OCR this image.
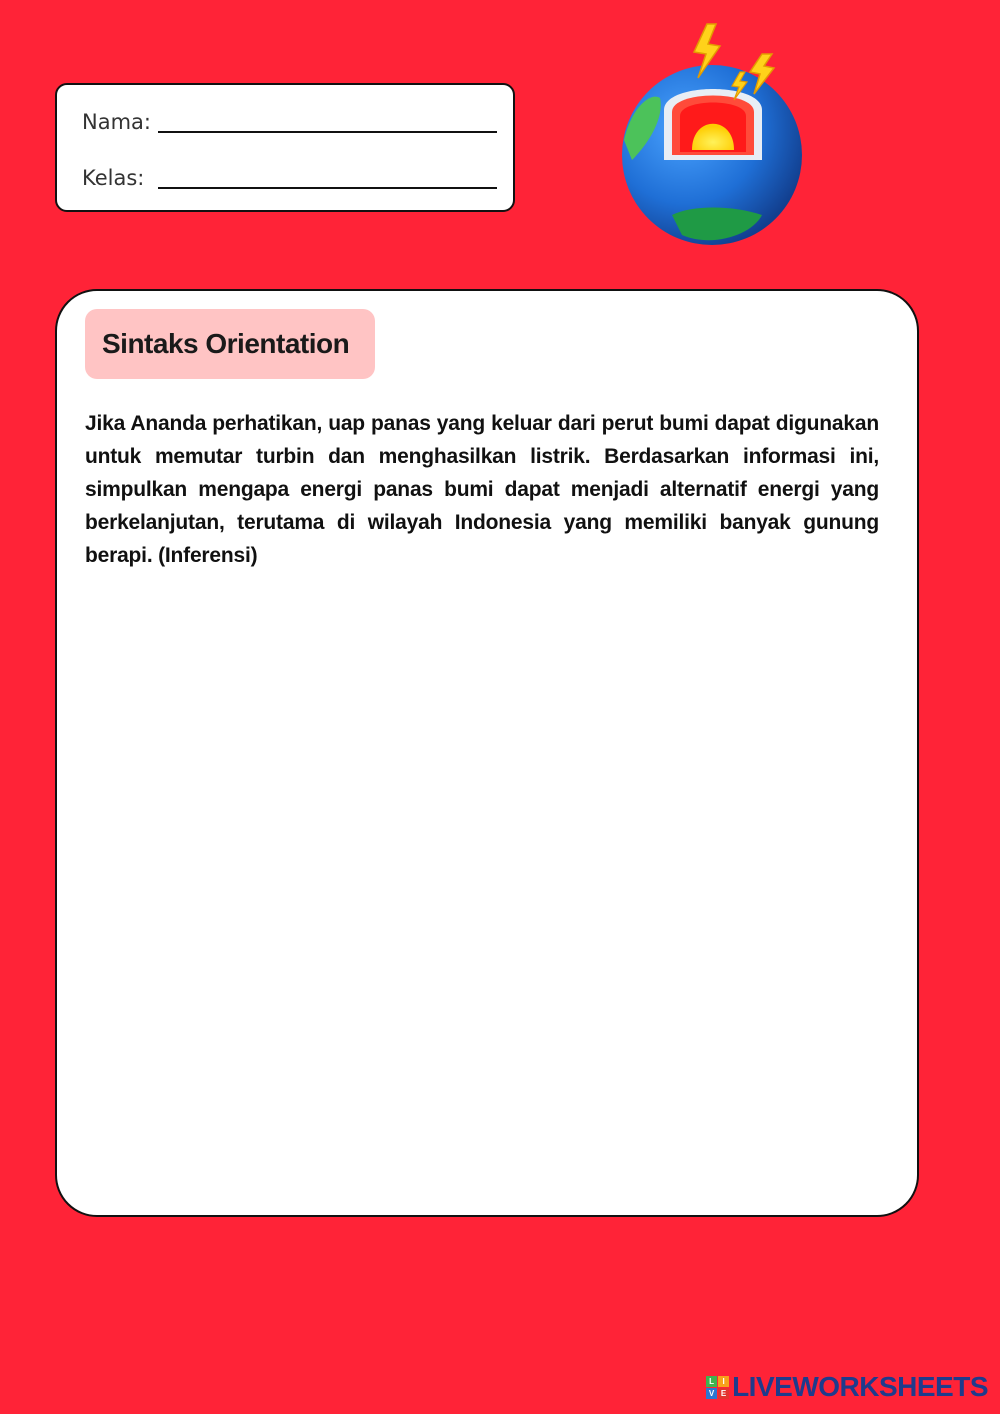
Nama:
Kelas:
Sintaks Orientation
Jika Ananda perhatikan, uap panas yang keluar dari perut bumi dapat digunakan untuk memutar turbin dan menghasilkan listrik. Berdasarkan informasi ini, simpulkan mengapa energi panas bumi dapat menjadi alternatif energi yang berkelanjutan, terutama di wilayah Indonesia yang memiliki banyak gunung berapi. (Inferensi)
L	I
V E LIVEWORKSHEETS
